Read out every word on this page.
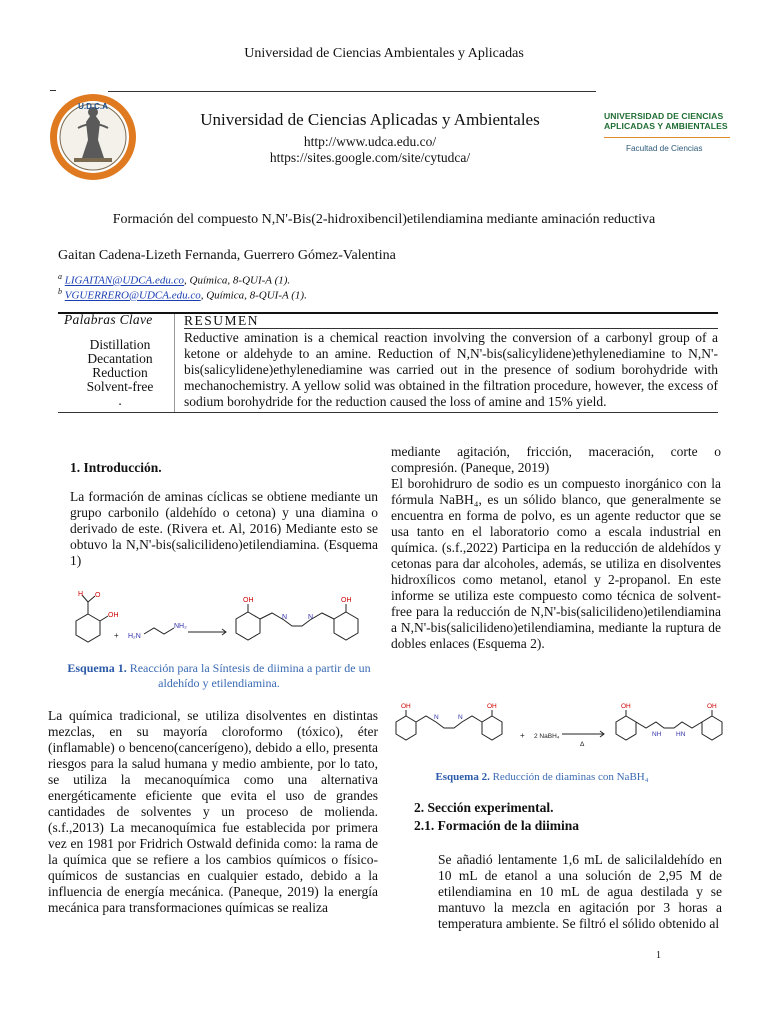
Universidad de Ciencias Ambientales y Aplicadas
U.D.C.A
Universidad de Ciencias Aplicadas y Ambientales
http://www.udca.edu.co/
https://sites.google.com/site/cytudca/
UNIVERSIDAD DE CIENCIAS
APLICADAS Y AMBIENTALES
Facultad de Ciencias
Formación del compuesto N,N'-Bis(2-hidroxibencil)etilendiamina mediante aminación reductiva
Gaitan Cadena-Lizeth Fernanda, Guerrero Gómez-Valentina
$^a$ LIGAITAN@UDCA.edu.co, Química, 8-QUI-A (1).
$^b$ VGUERRERO@UDCA.edu.co, Química, 8-QUI-A (1).
Palabras Clave
Distillation
Decantation
Reduction
Solvent-free
.
RESUMEN
Reductive amination is a chemical reaction involving the conversion of a carbonyl group of a ketone or aldehyde to an amine. Reduction of N,N'-bis(salicylidene)ethylenediamine to N,N'-bis(salicylidene)ethylenediamine was carried out in the presence of sodium borohydride with mechanochemistry. A yellow solid was obtained in the filtration procedure, however, the excess of sodium borohydride for the reduction caused the loss of amine and 15% yield.
1. Introducción.
La formación de aminas cíclicas se obtiene mediante un grupo carbonilo (aldehído o cetona) y una diamina o derivado de este. (Rivera et. Al, 2016) Mediante esto se obtuvo la N,N'-bis(salicilideno)etilendiamina. (Esquema 1)
H O
OH
+ H₂N
NH₂
OH
N	N
OH
Esquema 1. Reacción para la Síntesis de diimina a partir de un aldehído y etilendiamina.
La química tradicional, se utiliza disolventes en distintas mezclas, en su mayoría cloroformo (tóxico), éter (inflamable) o benceno(cancerígeno), debido a ello, presenta riesgos para la salud humana y medio ambiente, por lo tato, se utiliza la mecanoquímica como una alternativa energéticamente eficiente que evita el uso de grandes cantidades de solventes y un proceso de molienda. (s.f.,2013) La mecanoquímica fue establecida por primera vez en 1981 por Fridrich Ostwald definida como: la rama de la química que se refiere a los cambios químicos o físico-químicos de sustancias en cualquier estado, debido a la influencia de energía mecánica. (Paneque, 2019) la energía mecánica para transformaciones químicas se realiza
mediante agitación, fricción, maceración, corte o compresión. (Paneque, 2019)
El borohidruro de sodio es un compuesto inorgánico con la fórmula NaBH₄, es un sólido blanco, que generalmente se encuentra en forma de polvo, es un agente reductor que se usa tanto en el laboratorio como a escala industrial en química. (s.f.,2022) Participa en la reducción de aldehídos y cetonas para dar alcoholes, además, se utiliza en disolventes hidroxílicos como metanol, etanol y 2-propanol. En este informe se utiliza este compuesto como técnica de solvent-free para la reducción de N,N'-bis(salicilideno)etilendiamina a N,N'-bis(salicilideno)etilendiamina, mediante la ruptura de dobles enlaces (Esquema 2).
OH
N	N
OH
+ 2 NaBH₄
Δ
OH
NH HN
OH
Esquema 2. Reducción de diaminas con NaBH₄
2. Sección experimental.
2.1. Formación de la diimina
Se añadió lentamente 1,6 mL de salicilaldehído en 10 mL de etanol a una solución de 2,95 M de etilendiamina en 10 mL de agua destilada y se mantuvo la mezcla en agitación por 3 horas a temperatura ambiente. Se filtró el sólido obtenido al
1
